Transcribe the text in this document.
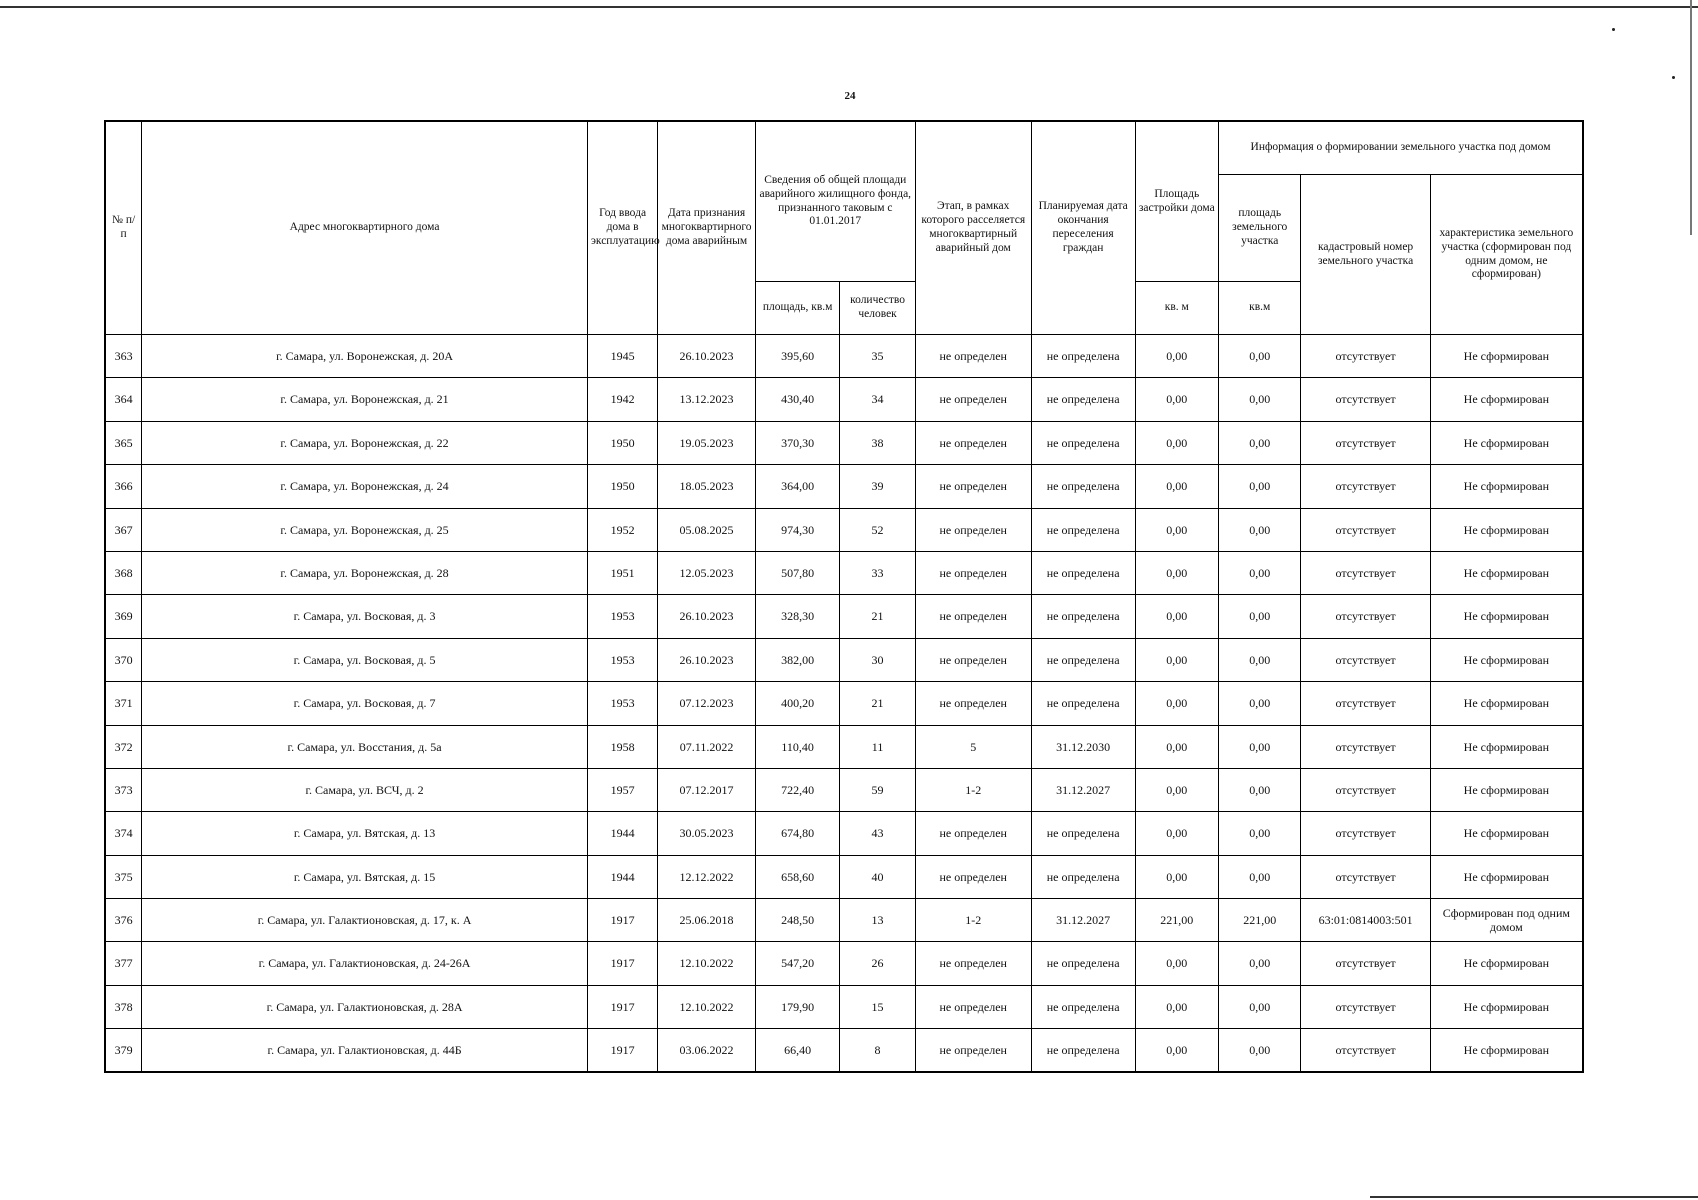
24
№ п/п	Адрес многоквартирного дома	Год ввода дома в эксплуатацию	Дата признания многоквартирного дома аварийным	Сведения об общей площади аварийного жилищного фонда, признанного таковым с 01.01.2017		Этап, в рамках которого расселяется многоквартирный аварийный дом	Планируемая дата окончания переселения граждан	Площадь застройки дома	Информация о формировании земельного участка под домом		
									площадь земельного участка	кадастровый номер земельного участка	характеристика земельного участка (сформирован под одним домом, не сформирован)
				площадь, кв.м	количество человек			кв. м	кв.м		
363	г. Самара, ул. Воронежская, д. 20А	1945	26.10.2023	395,60	35	не определен	не определена	0,00	0,00	отсутствует	Не сформирован
364	г. Самара, ул. Воронежская, д. 21	1942	13.12.2023	430,40	34	не определен	не определена	0,00	0,00	отсутствует	Не сформирован
365	г. Самара, ул. Воронежская, д. 22	1950	19.05.2023	370,30	38	не определен	не определена	0,00	0,00	отсутствует	Не сформирован
366	г. Самара, ул. Воронежская, д. 24	1950	18.05.2023	364,00	39	не определен	не определена	0,00	0,00	отсутствует	Не сформирован
367	г. Самара, ул. Воронежская, д. 25	1952	05.08.2025	974,30	52	не определен	не определена	0,00	0,00	отсутствует	Не сформирован
368	г. Самара, ул. Воронежская, д. 28	1951	12.05.2023	507,80	33	не определен	не определена	0,00	0,00	отсутствует	Не сформирован
369	г. Самара, ул. Восковая, д. 3	1953	26.10.2023	328,30	21	не определен	не определена	0,00	0,00	отсутствует	Не сформирован
370	г. Самара, ул. Восковая, д. 5	1953	26.10.2023	382,00	30	не определен	не определена	0,00	0,00	отсутствует	Не сформирован
371	г. Самара, ул. Восковая, д. 7	1953	07.12.2023	400,20	21	не определен	не определена	0,00	0,00	отсутствует	Не сформирован
372	г. Самара, ул. Восстания, д. 5а	1958	07.11.2022	110,40	11	5	31.12.2030	0,00	0,00	отсутствует	Не сформирован
373	г. Самара, ул. ВСЧ, д. 2	1957	07.12.2017	722,40	59	1-2	31.12.2027	0,00	0,00	отсутствует	Не сформирован
374	г. Самара, ул. Вятская, д. 13	1944	30.05.2023	674,80	43	не определен	не определена	0,00	0,00	отсутствует	Не сформирован
375	г. Самара, ул. Вятская, д. 15	1944	12.12.2022	658,60	40	не определен	не определена	0,00	0,00	отсутствует	Не сформирован
376	г. Самара, ул. Галактионовская, д. 17, к. А	1917	25.06.2018	248,50	13	1-2	31.12.2027	221,00	221,00	63:01:0814003:501	Сформирован под одним домом
377	г. Самара, ул. Галактионовская, д. 24-26А	1917	12.10.2022	547,20	26	не определен	не определена	0,00	0,00	отсутствует	Не сформирован
378	г. Самара, ул. Галактионовская, д. 28А	1917	12.10.2022	179,90	15	не определен	не определена	0,00	0,00	отсутствует	Не сформирован
379	г. Самара, ул. Галактионовская, д. 44Б	1917	03.06.2022	66,40	8	не определен	не определена	0,00	0,00	отсутствует	Не сформирован
